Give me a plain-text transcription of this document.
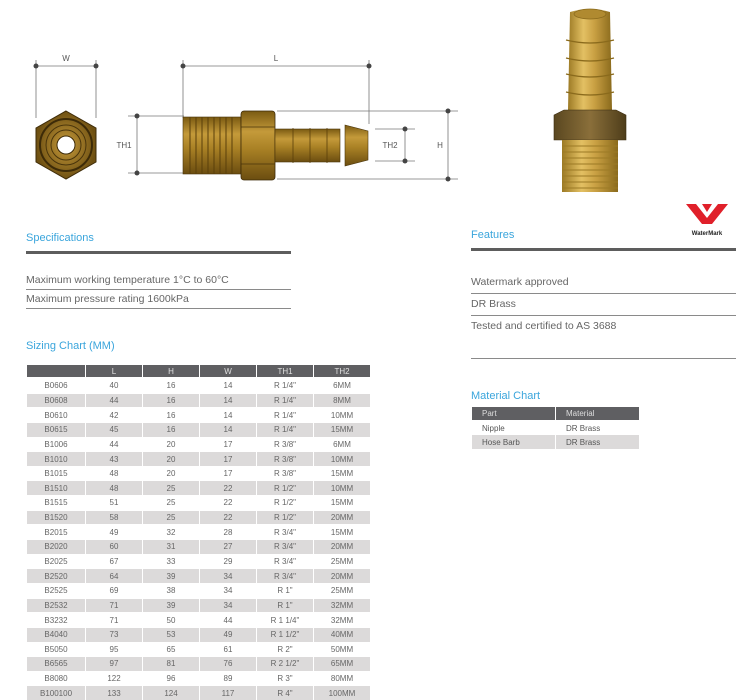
W	L
TH1	H
TH2
WaterMark
Specifications
Maximum working temperature 1°C to 60°C
Maximum pressure rating 1600kPa
Features
Watermark approved
DR Brass
Tested and certified to AS 3688
Sizing Chart (MM)
	L	H	W	TH1	TH2
B0606	40	16	14	R 1/4"	6MM
B0608	44	16	14	R 1/4"	8MM
B0610	42	16	14	R 1/4"	10MM
B0615	45	16	14	R 1/4"	15MM
B1006	44	20	17	R 3/8"	6MM
B1010	43	20	17	R 3/8"	10MM
B1015	48	20	17	R 3/8"	15MM
B1510	48	25	22	R 1/2"	10MM
B1515	51	25	22	R 1/2"	15MM
B1520	58	25	22	R 1/2"	20MM
B2015	49	32	28	R 3/4"	15MM
B2020	60	31	27	R 3/4"	20MM
B2025	67	33	29	R 3/4"	25MM
B2520	64	39	34	R 3/4"	20MM
B2525	69	38	34	R 1"	25MM
B2532	71	39	34	R 1"	32MM
B3232	71	50	44	R 1 1/4"	32MM
B4040	73	53	49	R 1 1/2"	40MM
B5050	95	65	61	R 2"	50MM
B6565	97	81	76	R 2 1/2"	65MM
B8080	122	96	89	R 3"	80MM
B100100	133	124	117	R 4"	100MM
Material Chart
Part	Material
Nipple	DR Brass
Hose Barb	DR Brass
